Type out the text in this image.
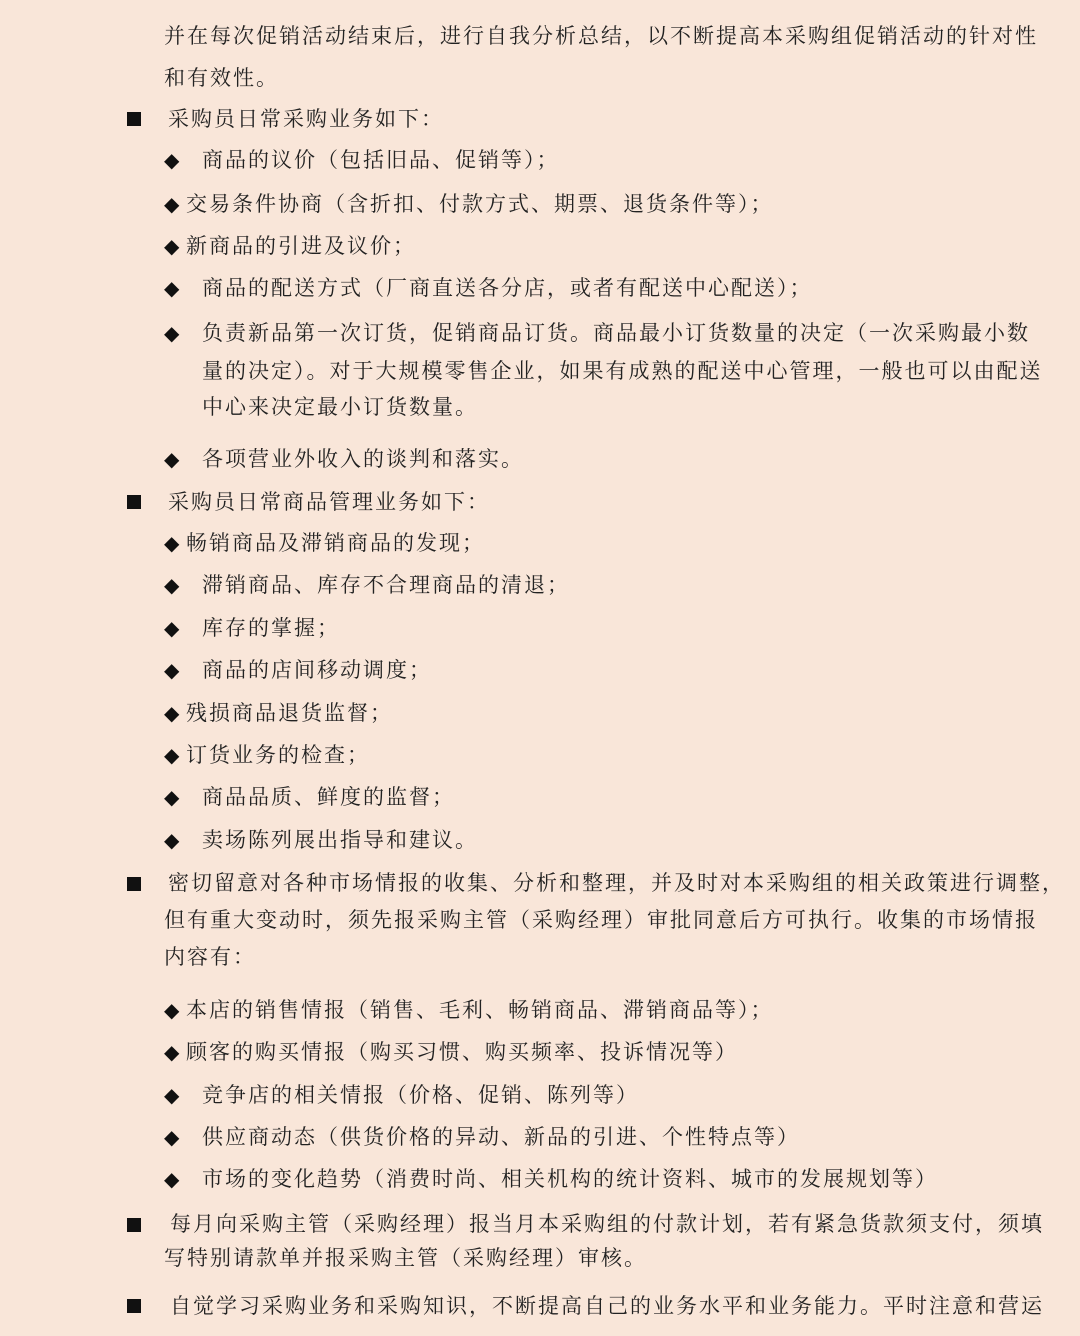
并在每次促销活动结束后，进行自我分析总结，以不断提高本采购组促销活动的针对性
和有效性。
采购员日常采购业务如下：
◆ 商品的议价（包括旧品、促销等）；
◆ 交易条件协商（含折扣、付款方式、期票、退货条件等）；
◆ 新商品的引进及议价；
◆ 商品的配送方式（厂商直送各分店，或者有配送中心配送）；
◆ 负责新品第一次订货，促销商品订货。商品最小订货数量的决定（一次采购最小数
量的决定）。对于大规模零售企业，如果有成熟的配送中心管理，一般也可以由配送
中心来决定最小订货数量。
◆ 各项营业外收入的谈判和落实。
采购员日常商品管理业务如下：
◆ 畅销商品及滞销商品的发现；
◆ 滞销商品、库存不合理商品的清退；
◆ 库存的掌握；
◆ 商品的店间移动调度；
◆ 残损商品退货监督；
◆ 订货业务的检查；
◆ 商品品质、鲜度的监督；
◆ 卖场陈列展出指导和建议。
密切留意对各种市场情报的收集、分析和整理，并及时对本采购组的相关政策进行调整，
但有重大变动时，须先报采购主管（采购经理）审批同意后方可执行。收集的市场情报
内容有：
◆ 本店的销售情报（销售、毛利、畅销商品、滞销商品等）；
◆ 顾客的购买情报（购买习惯、购买频率、投诉情况等）
◆ 竞争店的相关情报（价格、促销、陈列等）
◆ 供应商动态（供货价格的异动、新品的引进、个性特点等）
◆ 市场的变化趋势（消费时尚、相关机构的统计资料、城市的发展规划等）
每月向采购主管（采购经理）报当月本采购组的付款计划，若有紧急货款须支付，须填
写特别请款单并报采购主管（采购经理）审核。
自觉学习采购业务和采购知识，不断提高自己的业务水平和业务能力。平时注意和营运
